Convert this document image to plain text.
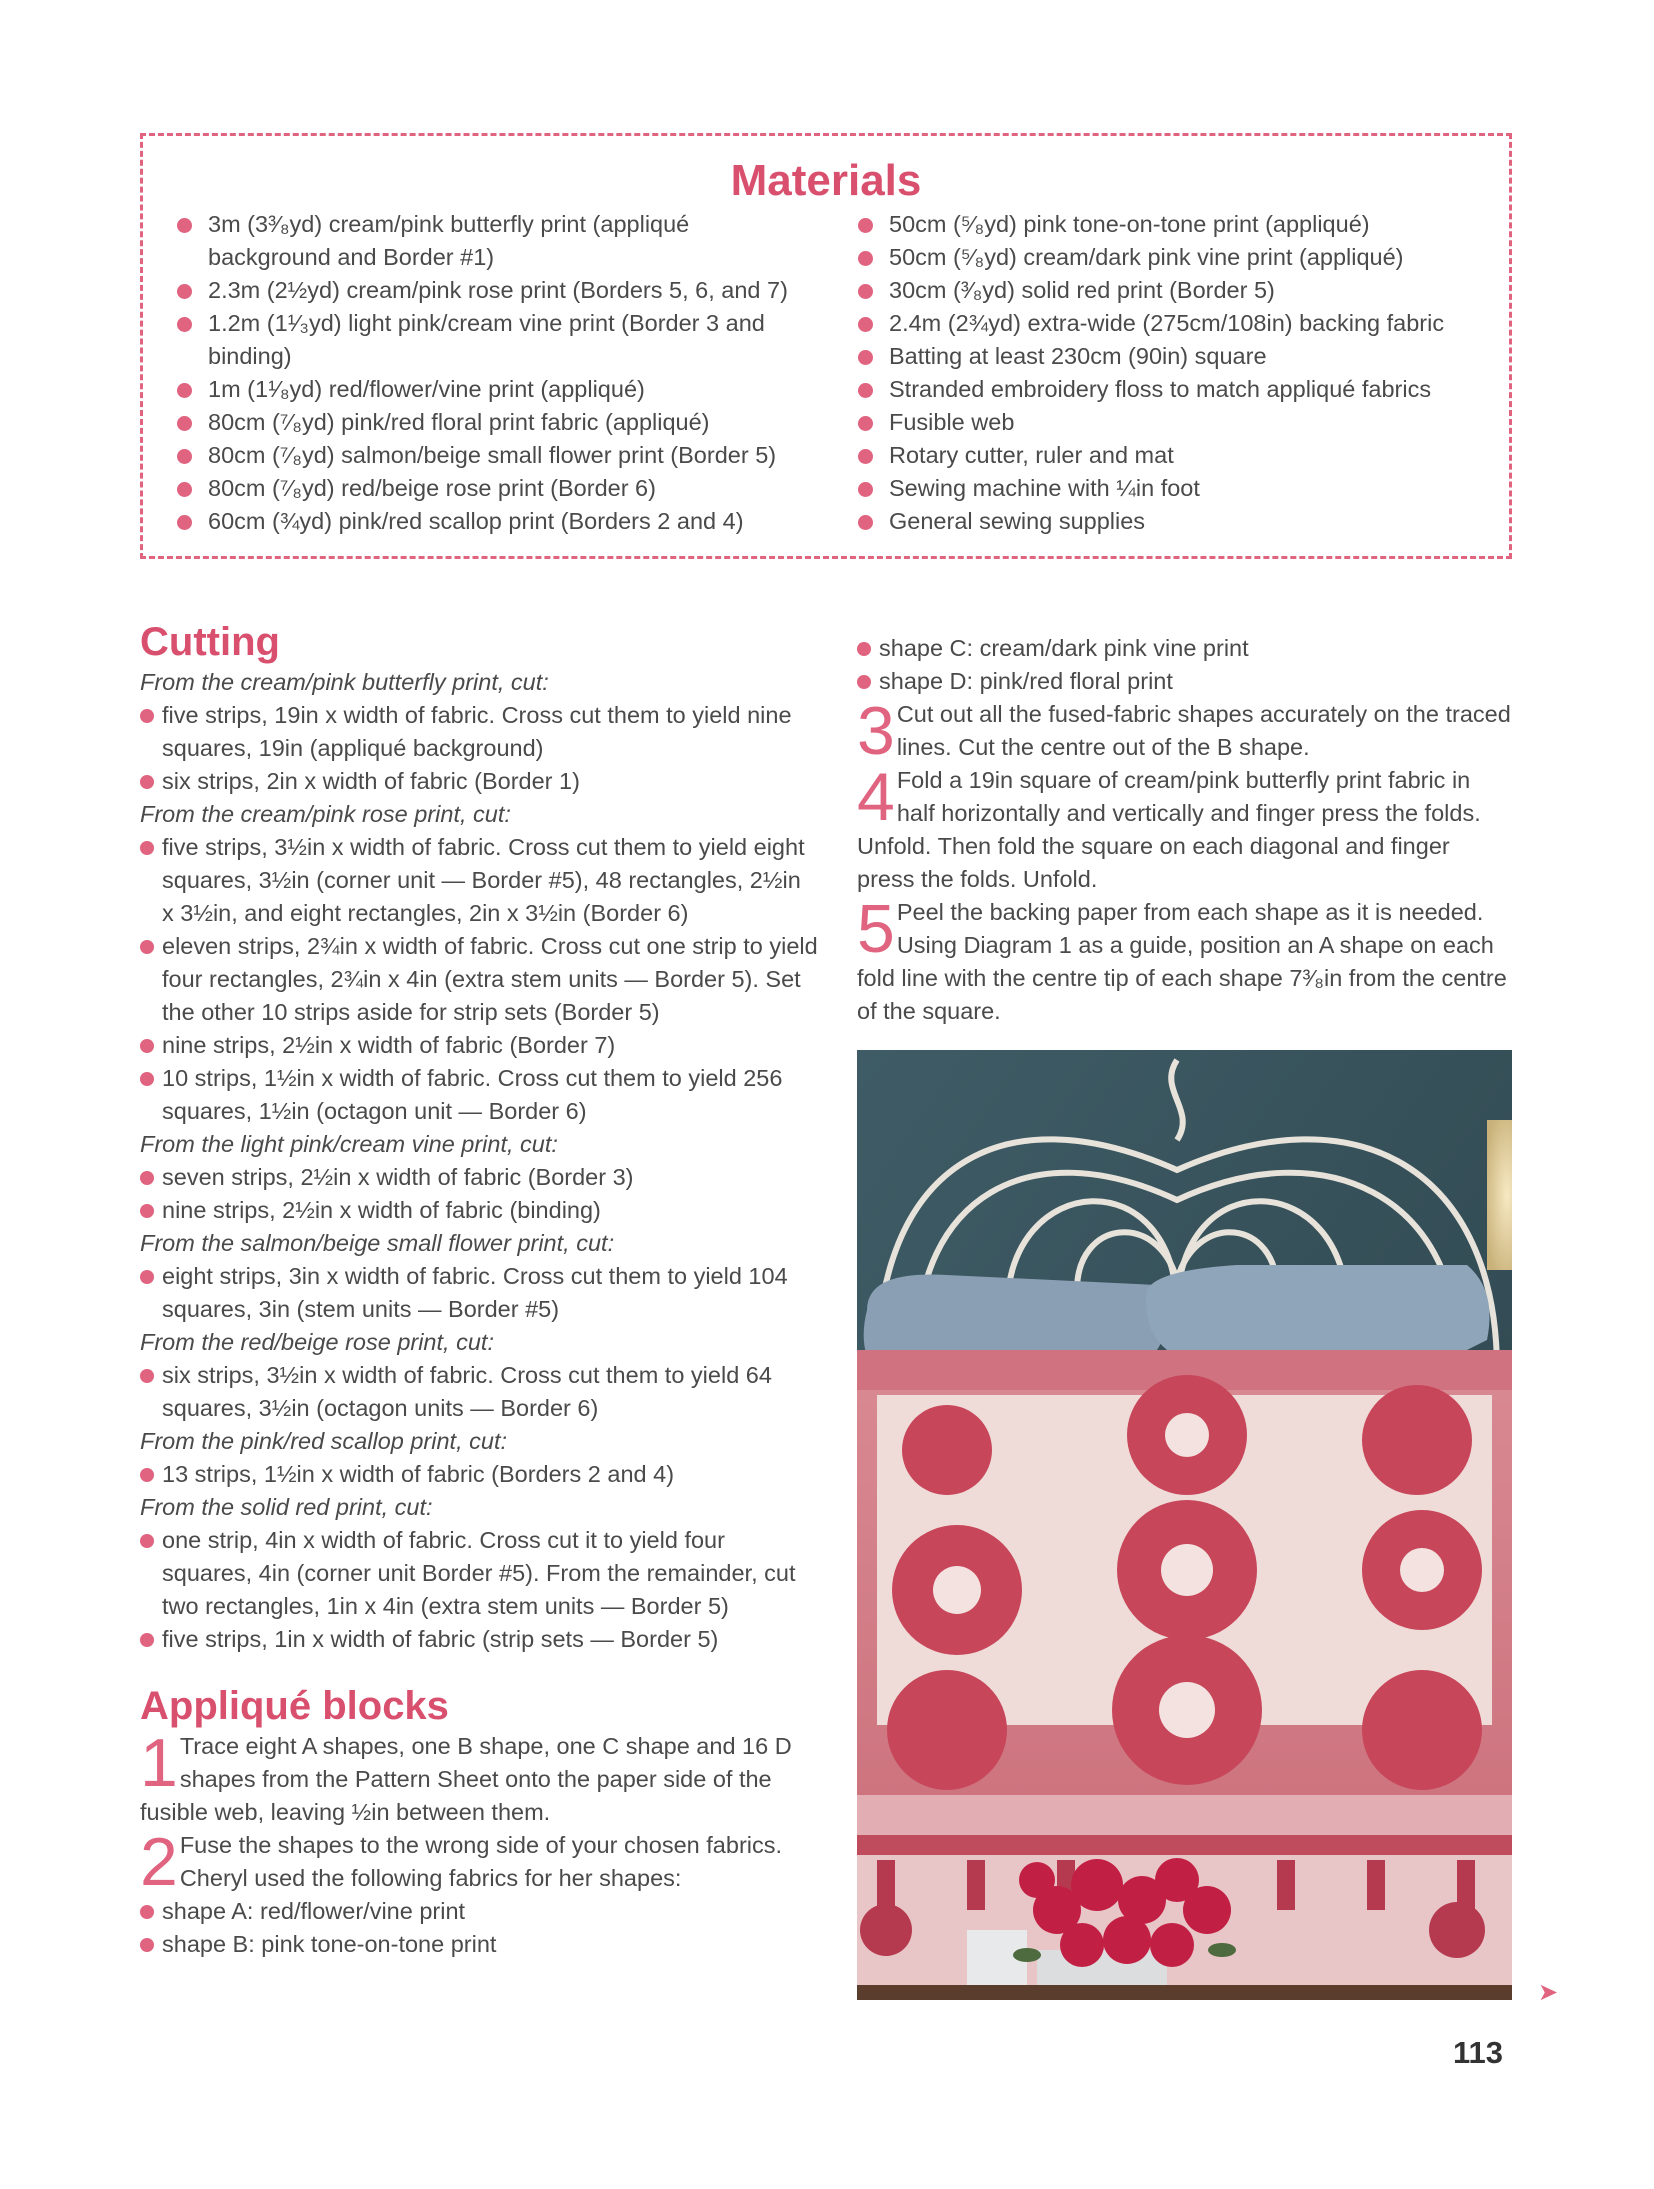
Materials
3m (3³⁄₈yd) cream/pink butterfly print (appliqué background and Border #1)
2.3m (2½yd) cream/pink rose print (Borders 5, 6, and 7)
1.2m (1¹⁄₃yd) light pink/cream vine print (Border 3 and binding)
1m (1¹⁄₈yd) red/flower/vine print (appliqué)
80cm (⁷⁄₈yd) pink/red floral print fabric (appliqué)
80cm (⁷⁄₈yd) salmon/beige small flower print (Border 5)
80cm (⁷⁄₈yd) red/beige rose print (Border 6)
60cm (¾yd) pink/red scallop print (Borders 2 and 4)
50cm (⁵⁄₈yd) pink tone-on-tone print (appliqué)
50cm (⁵⁄₈yd) cream/dark pink vine print (appliqué)
30cm (³⁄₈yd) solid red print (Border 5)
2.4m (2¾yd) extra-wide (275cm/108in) backing fabric
Batting at least 230cm (90in) square
Stranded embroidery floss to match appliqué fabrics
Fusible web
Rotary cutter, ruler and mat
Sewing machine with ¼in foot
General sewing supplies
Cutting
From the cream/pink butterfly print, cut:
five strips, 19in x width of fabric. Cross cut them to yield nine squares, 19in (appliqué background)
six strips, 2in x width of fabric (Border 1)
From the cream/pink rose print, cut:
five strips, 3½in x width of fabric. Cross cut them to yield eight squares, 3½in (corner unit — Border #5), 48 rectangles, 2½in x 3½in, and eight rectangles, 2in x 3½in (Border 6)
eleven strips, 2¾in x width of fabric. Cross cut one strip to yield four rectangles, 2¾in x 4in (extra stem units — Border 5). Set the other 10 strips aside for strip sets (Border 5)
nine strips, 2½in x width of fabric (Border 7)
10 strips, 1½in x width of fabric. Cross cut them to yield 256 squares, 1½in (octagon unit — Border 6)
From the light pink/cream vine print, cut:
seven strips, 2½in x width of fabric (Border 3)
nine strips, 2½in x width of fabric (binding)
From the salmon/beige small flower print, cut:
eight strips, 3in x width of fabric. Cross cut them to yield 104 squares, 3in (stem units — Border #5)
From the red/beige rose print, cut:
six strips, 3½in x width of fabric. Cross cut them to yield 64 squares, 3½in (octagon units — Border 6)
From the pink/red scallop print, cut:
13 strips, 1½in x width of fabric (Borders 2 and 4)
From the solid red print, cut:
one strip, 4in x width of fabric. Cross cut it to yield four squares, 4in (corner unit Border #5). From the remainder, cut two rectangles, 1in x 4in (extra stem units — Border 5)
five strips, 1in x width of fabric (strip sets — Border 5)
Appliqué blocks
1 Trace eight A shapes, one B shape, one C shape and 16 D shapes from the Pattern Sheet onto the paper side of the fusible web, leaving ½in between them.
2 Fuse the shapes to the wrong side of your chosen fabrics. Cheryl used the following fabrics for her shapes:
shape A: red/flower/vine print
shape B: pink tone-on-tone print
shape C: cream/dark pink vine print
shape D: pink/red floral print
3 Cut out all the fused-fabric shapes accurately on the traced lines. Cut the centre out of the B shape.
4 Fold a 19in square of cream/pink butterfly print fabric in half horizontally and vertically and finger press the folds. Unfold. Then fold the square on each diagonal and finger press the folds. Unfold.
5 Peel the backing paper from each shape as it is needed. Using Diagram 1 as a guide, position an A shape on each fold line with the centre tip of each shape 7³⁄₈in from the centre of the square.
➤
113
